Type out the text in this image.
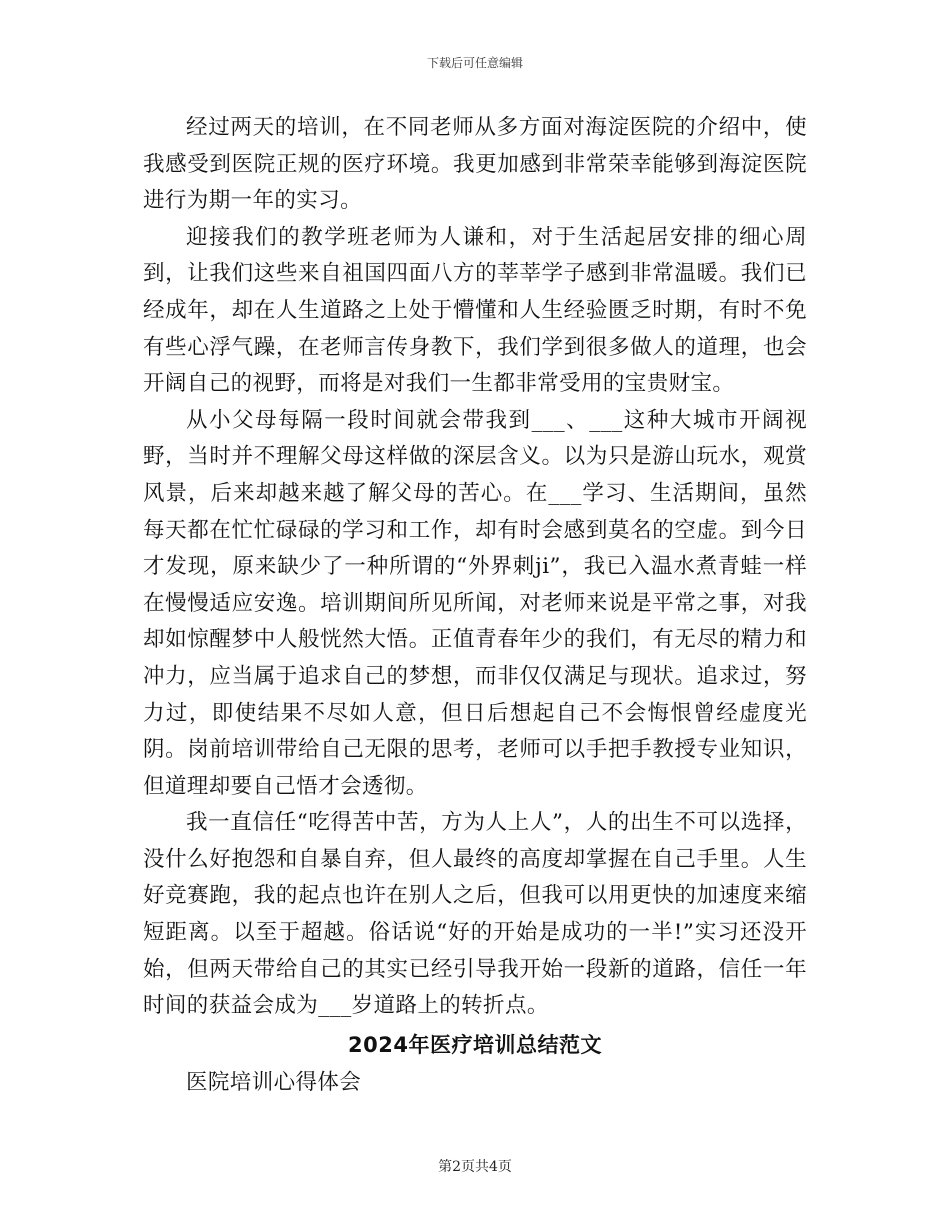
下载后可任意编辑

经过两天的培训，在不同老师从多方面对海淀医院的介绍中，使我感受到医院正规的医疗环境。我更加感到非常荣幸能够到海淀医院进行为期一年的实习。

迎接我们的教学班老师为人谦和，对于生活起居安排的细心周到，让我们这些来自祖国四面八方的莘莘学子感到非常温暖。我们已经成年，却在人生道路之上处于懵懂和人生经验匮乏时期，有时不免有些心浮气躁，在老师言传身教下，我们学到很多做人的道理，也会开阔自己的视野，而将是对我们一生都非常受用的宝贵财宝。

从小父母每隔一段时间就会带我到___、___这种大城市开阔视野，当时并不理解父母这样做的深层含义。以为只是游山玩水，观赏风景，后来却越来越了解父母的苦心。在___学习、生活期间，虽然每天都在忙忙碌碌的学习和工作，却有时会感到莫名的空虚。到今日才发现，原来缺少了一种所谓的“外界刺ji”，我已入温水煮青蛙一样在慢慢适应安逸。培训期间所见所闻，对老师来说是平常之事，对我却如惊醒梦中人般恍然大悟。正值青春年少的我们，有无尽的精力和冲力，应当属于追求自己的梦想，而非仅仅满足与现状。追求过，努力过，即使结果不尽如人意，但日后想起自己不会悔恨曾经虚度光阴。岗前培训带给自己无限的思考，老师可以手把手教授专业知识，但道理却要自己悟才会透彻。

我一直信任“吃得苦中苦，方为人上人”，人的出生不可以选择，没什么好抱怨和自暴自弃，但人最终的高度却掌握在自己手里。人生好竞赛跑，我的起点也许在别人之后，但我可以用更快的加速度来缩短距离。以至于超越。俗话说“好的开始是成功的一半!”实习还没开始，但两天带给自己的其实已经引导我开始一段新的道路，信任一年时间的获益会成为___岁道路上的转折点。

2024年医疗培训总结范文

医院培训心得体会

第2页共4页
